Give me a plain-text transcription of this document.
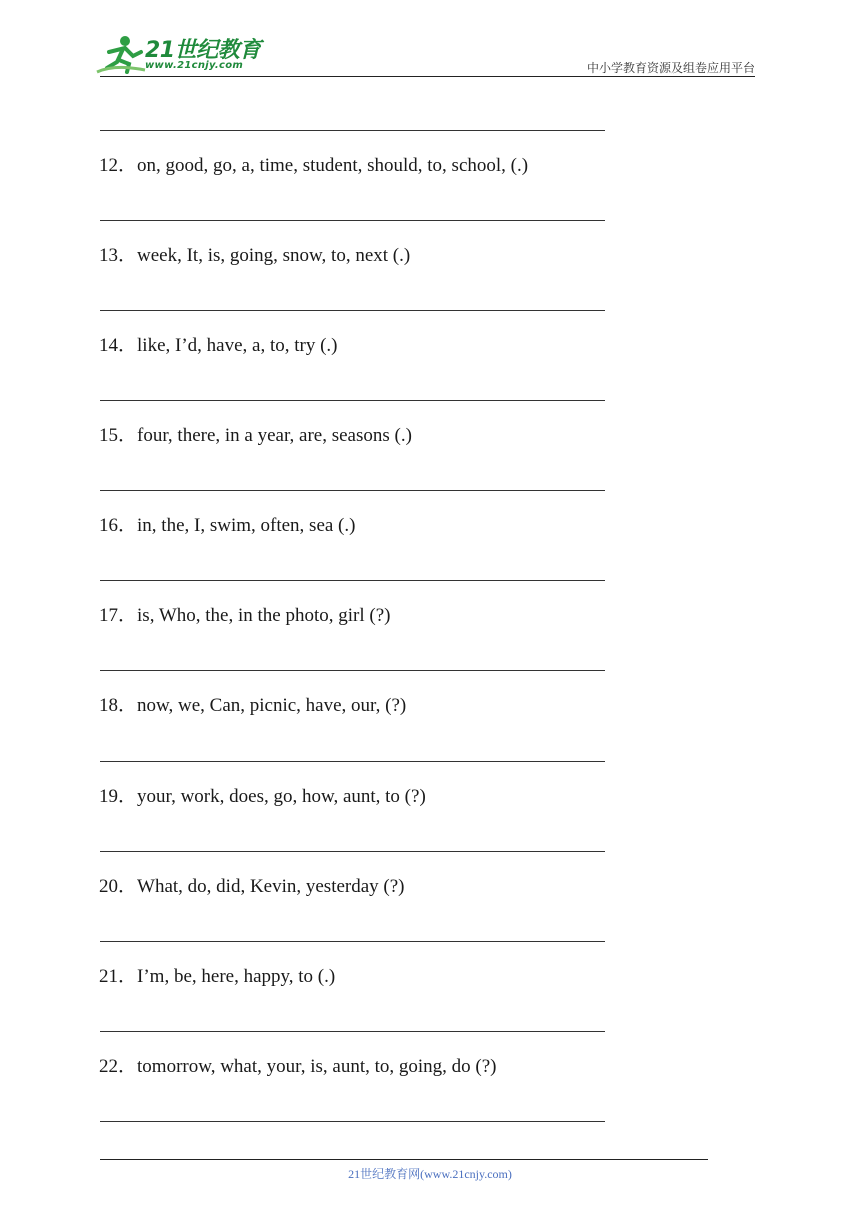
21世纪教育
www.21cnjy.com	中小学教育资源及组卷应用平台
12．on, good, go, a, time, student, should, to, school, (.)
13．week, It, is, going, snow, to, next (.)
14．like, I’d, have, a, to, try (.)
15．four, there, in a year, are, seasons (.)
16．in, the, I, swim, often, sea (.)
17．is, Who, the, in the photo, girl (?)
18．now, we, Can, picnic, have, our, (?)
19．your, work, does, go, how, aunt, to (?)
20．What, do, did, Kevin, yesterday (?)
21．I’m, be, here, happy, to (.)
22．tomorrow, what, your, is, aunt, to, going, do (?)
21世纪教育网(www.21cnjy.com)
